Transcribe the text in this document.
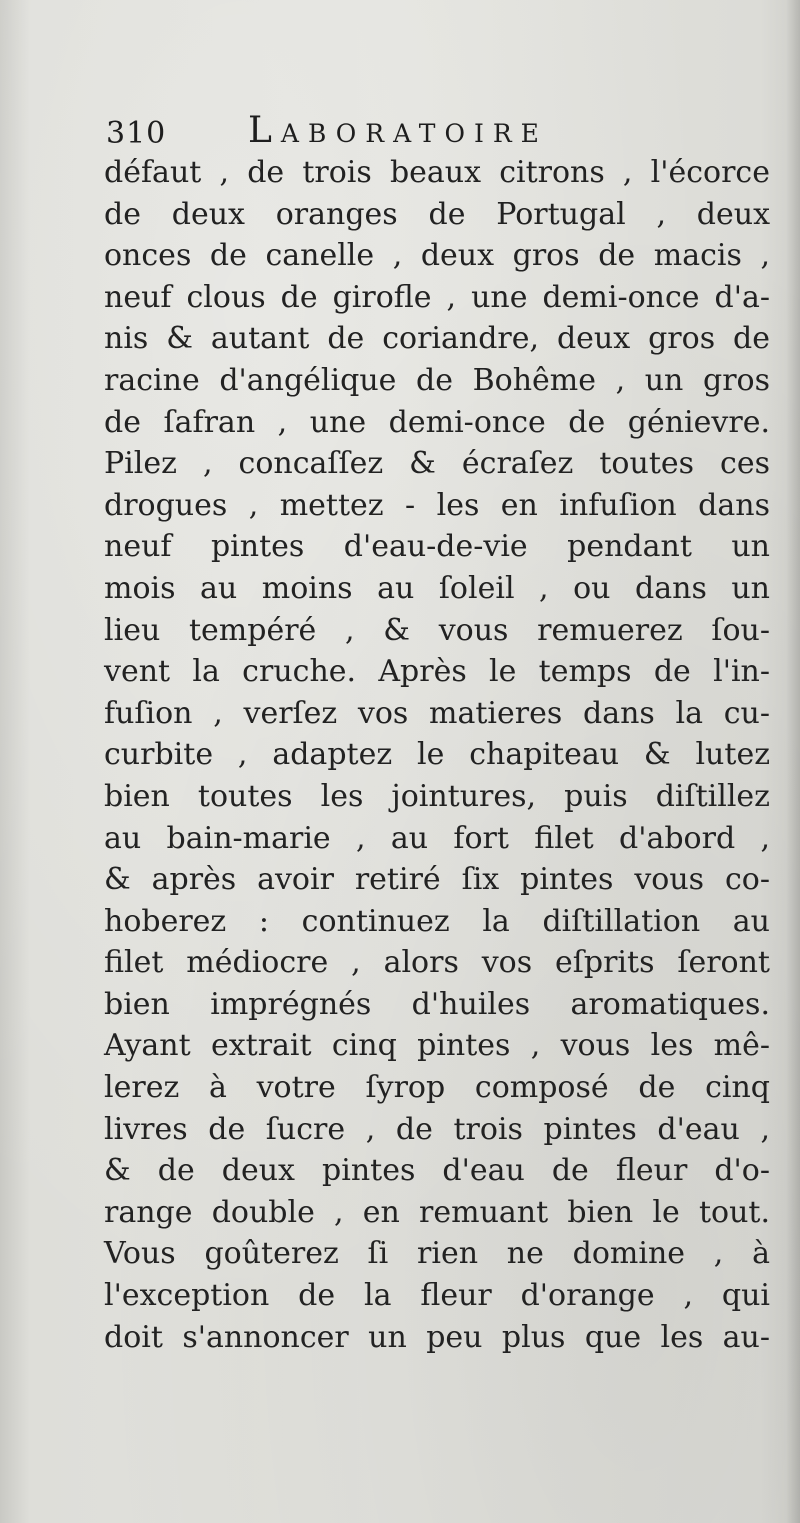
310 Laboratoire
défaut , de trois beaux citrons , l'écorce
de deux oranges de Portugal , deux
onces de canelle , deux gros de macis ,
neuf clous de girofle , une demi-once d'a-
nis & autant de coriandre, deux gros de
racine d'angélique de Bohême , un gros
de ſafran , une demi-once de génievre.
Pilez , concaſſez & écraſez toutes ces
drogues , mettez - les en infuſion dans
neuf pintes d'eau-de-vie pendant un
mois au moins au ſoleil , ou dans un
lieu tempéré , & vous remuerez ſou-
vent la cruche. Après le temps de l'in-
fuſion , verſez vos matieres dans la cu-
curbite , adaptez le chapiteau & lutez
bien toutes les jointures, puis diſtillez
au bain-marie , au fort filet d'abord ,
& après avoir retiré ſix pintes vous co-
hoberez : continuez la diſtillation au
filet médiocre , alors vos eſprits ſeront
bien imprégnés d'huiles aromatiques.
Ayant extrait cinq pintes , vous les mê-
lerez à votre ſyrop composé de cinq
livres de ſucre , de trois pintes d'eau ,
& de deux pintes d'eau de fleur d'o-
range double , en remuant bien le tout.
Vous goûterez ſi rien ne domine , à
l'exception de la fleur d'orange , qui
doit s'annoncer un peu plus que les au-
